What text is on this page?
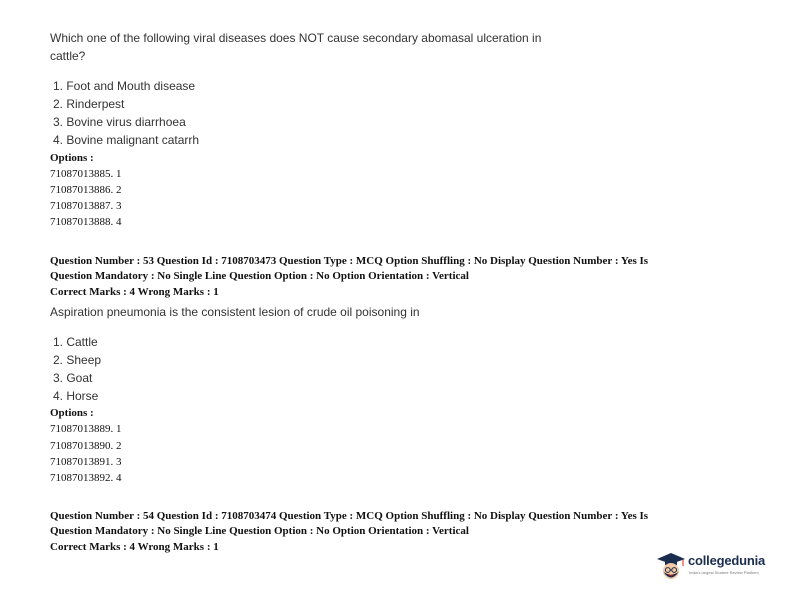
Which one of the following viral diseases does NOT cause secondary abomasal ulceration in cattle?
1. Foot and Mouth disease
2. Rinderpest
3. Bovine virus diarrhoea
4. Bovine malignant catarrh
Options :
71087013885. 1
71087013886. 2
71087013887. 3
71087013888. 4
Question Number : 53 Question Id : 7108703473 Question Type : MCQ Option Shuffling : No Display Question Number : Yes Is
Question Mandatory : No Single Line Question Option : No Option Orientation : Vertical
Correct Marks : 4 Wrong Marks : 1
Aspiration pneumonia is the consistent lesion of crude oil poisoning in
1. Cattle
2. Sheep
3. Goat
4. Horse
Options :
71087013889. 1
71087013890. 2
71087013891. 3
71087013892. 4
Question Number : 54 Question Id : 7108703474 Question Type : MCQ Option Shuffling : No Display Question Number : Yes Is
Question Mandatory : No Single Line Question Option : No Option Orientation : Vertical
Correct Marks : 4 Wrong Marks : 1
collegedunia
India's largest Student Review Platform
